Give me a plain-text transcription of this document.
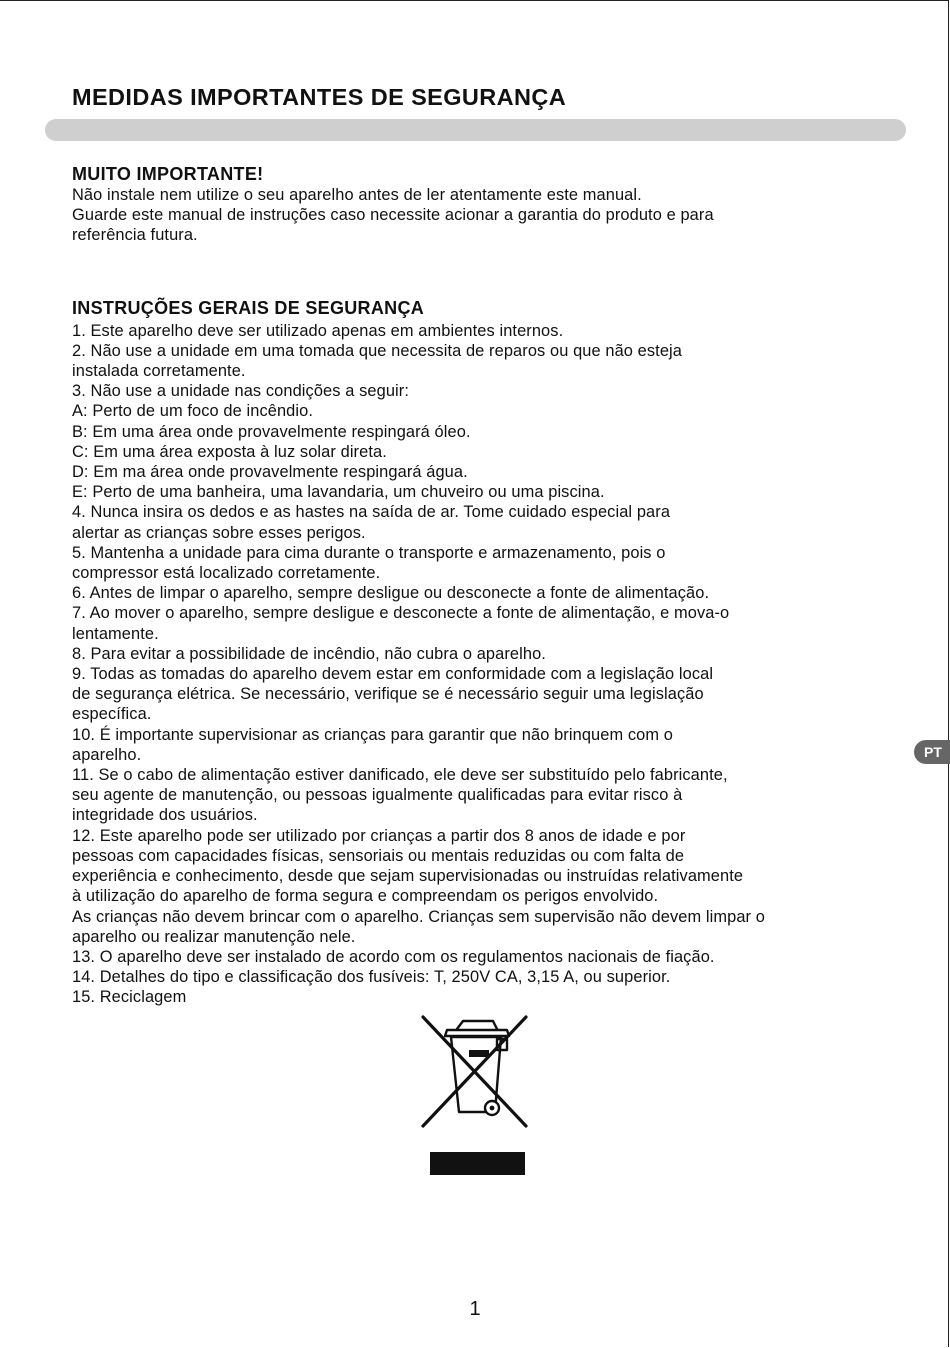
MEDIDAS IMPORTANTES DE SEGURANÇA
MUITO IMPORTANTE!

Não instale nem utilize o seu aparelho antes de ler atentamente este manual.

Guarde este manual de instruções caso necessite acionar a garantia do produto e para

referência futura.

INSTRUÇÕES GERAIS DE SEGURANÇA

1. Este aparelho deve ser utilizado apenas em ambientes internos.

2. Não use a unidade em uma tomada que necessita de reparos ou que não esteja

instalada corretamente.

3. Não use a unidade nas condições a seguir:

A: Perto de um foco de incêndio.

B: Em uma área onde provavelmente respingará óleo.

C: Em uma área exposta à luz solar direta.

D: Em ma área onde provavelmente respingará água.

E: Perto de uma banheira, uma lavandaria, um chuveiro ou uma piscina.

4. Nunca insira os dedos e as hastes na saída de ar. Tome cuidado especial para

alertar as crianças sobre esses perigos.

5. Mantenha a unidade para cima durante o transporte e armazenamento, pois o

compressor está localizado corretamente.

6. Antes de limpar o aparelho, sempre desligue ou desconecte a fonte de alimentação.

7. Ao mover o aparelho, sempre desligue e desconecte a fonte de alimentação, e mova-o

lentamente.

8. Para evitar a possibilidade de incêndio, não cubra o aparelho.

9. Todas as tomadas do aparelho devem estar em conformidade com a legislação local

de segurança elétrica. Se necessário, verifique se é necessário seguir uma legislação

específica.

10. É importante supervisionar as crianças para garantir que não brinquem com o

aparelho.

11. Se o cabo de alimentação estiver danificado, ele deve ser substituído pelo fabricante,

seu agente de manutenção, ou pessoas igualmente qualificadas para evitar risco à

integridade dos usuários.

12. Este aparelho pode ser utilizado por crianças a partir dos 8 anos de idade e por

pessoas com capacidades físicas, sensoriais ou mentais reduzidas ou com falta de

experiência e conhecimento, desde que sejam supervisionadas ou instruídas relativamente

à utilização do aparelho de forma segura e compreendam os perigos envolvido.

As crianças não devem brincar com o aparelho. Crianças sem supervisão não devem limpar o

aparelho ou realizar manutenção nele.

13. O aparelho deve ser instalado de acordo com os regulamentos nacionais de fiação.

14. Detalhes do tipo e classificação dos fusíveis: T, 250V CA, 3,15 A, ou superior.

15. Reciclagem

PT
1
